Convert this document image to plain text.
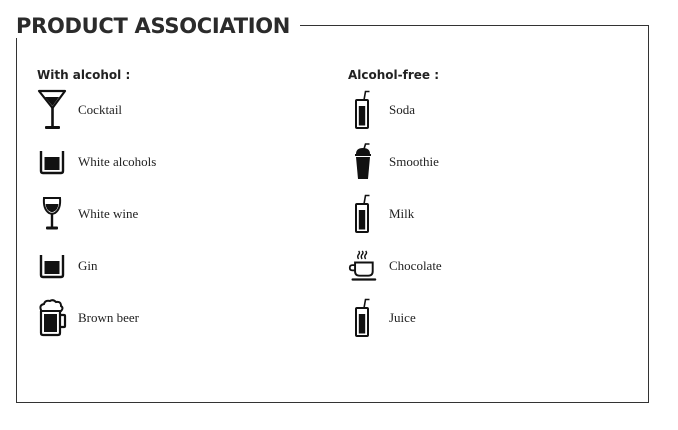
PRODUCT ASSOCIATION
With alcohol :
Cocktail
White alcohols
White wine
Gin
Brown beer
Alcohol-free :
Soda
Smoothie
Milk
Chocolate
Juice
